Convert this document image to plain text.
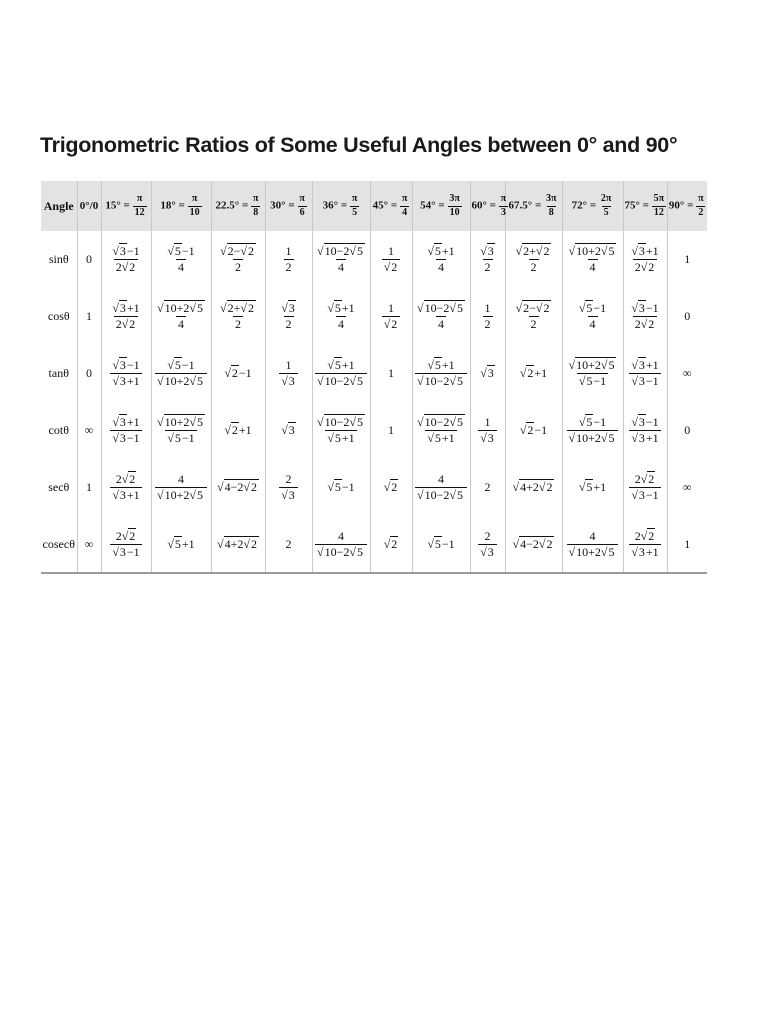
Trigonometric Ratios of Some Useful Angles between 0° and 90°
Angle	0°/0	$15^\circ = \frac{\pi}{12}$	$18^\circ = \frac{\pi}{10}$	$22.5^\circ = \frac{\pi}{8}$	$30^\circ = \frac{\pi}{6}$	$36^\circ = \frac{\pi}{5}$	$45^\circ = \frac{\pi}{4}$	$54^\circ = \frac{3\pi}{10}$	$60^\circ = \frac{\pi}{3}$	$67.5^\circ = \frac{3\pi}{8}$	$72^\circ = \frac{2\pi}{5}$	$75^\circ = \frac{5\pi}{12}$	$90^\circ = \frac{\pi}{2}$

sinθ	0	$\frac{√3-1}{2√2}$	$\frac{√5-1}{4}$	$\frac{√2-√2}{2}$	$\frac{1}{2}$	$\frac{√10-2√5}{4}$	$\frac{1}{√2}$	$\frac{√5+1}{4}$	$\frac{√3}{2}$	$\frac{√2+√2}{2}$	$\frac{√10+2√5}{4}$	$\frac{√3+1}{2√2}$	1
cosθ	1	$\frac{√3+1}{2√2}$	$\frac{√10+2√5}{4}$	$\frac{√2+√2}{2}$	$\frac{√3}{2}$	$\frac{√5+1}{4}$	$\frac{1}{√2}$	$\frac{√10-2√5}{4}$	$\frac{1}{2}$	$\frac{√2-√2}{2}$	$\frac{√5-1}{4}$	$\frac{√3-1}{2√2}$	0
tanθ	0	$\frac{√3-1}{√3+1}$	$\frac{√5-1}{√10+2√5}$	√2−1	$\frac{1}{√3}$	$\frac{√5+1}{√10-2√5}$	1	$\frac{√5+1}{√10-2√5}$	√3	√2+1	$\frac{√10+2√5}{√5-1}$	$\frac{√3+1}{√3-1}$	∞
cotθ	∞	$\frac{√3+1}{√3-1}$	$\frac{√10+2√5}{√5-1}$	√2+1	√3	$\frac{√10-2√5}{√5+1}$	1	$\frac{√10-2√5}{√5+1}$	$\frac{1}{√3}$	√2−1	$\frac{√5-1}{√10+2√5}$	$\frac{√3-1}{√3+1}$	0
secθ	1	$\frac{2√2}{√3+1}$	$\frac{4}{√10+2√5}$	√4−2√2	$\frac{2}{√3}$	√5−1	√2	$\frac{4}{√10-2√5}$	2	√4+2√2	√5+1	$\frac{2√2}{√3-1}$	∞
cosecθ	∞	$\frac{2√2}{√3-1}$	√5+1	√4+2√2	2	$\frac{4}{√10-2√5}$	√2	√5−1	$\frac{2}{√3}$	√4−2√2	$\frac{4}{√10+2√5}$	$\frac{2√2}{√3+1}$	1
